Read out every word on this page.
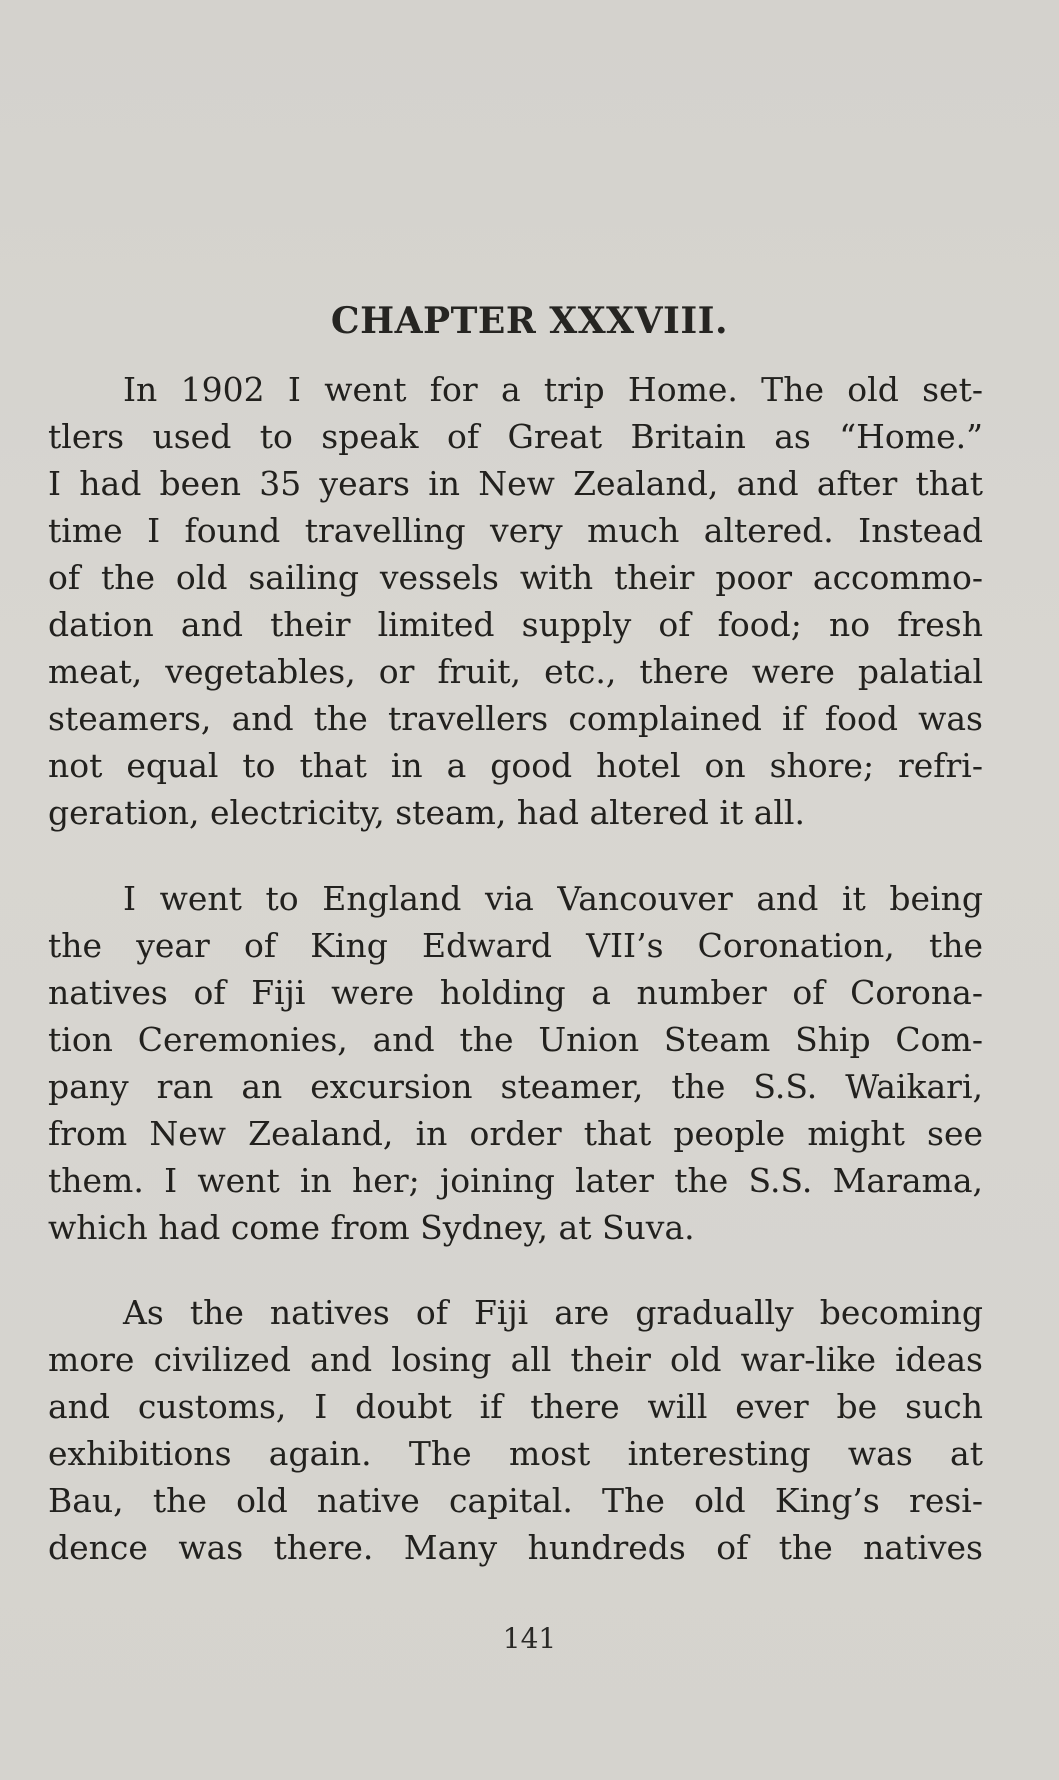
CHAPTER XXXVIII.
In 1902 I went for a trip Home. The old set-
tlers used to speak of Great Britain as “Home.”
I had been 35 years in New Zealand, and after that
time I found travelling very much altered. Instead
of the old sailing vessels with their poor accommo-
dation and their limited supply of food; no fresh
meat, vegetables, or fruit, etc., there were palatial
steamers, and the travellers complained if food was
not equal to that in a good hotel on shore; refri-
geration, electricity, steam, had altered it all.
I went to England via Vancouver and it being
the year of King Edward VII’s Coronation, the
natives of Fiji were holding a number of Corona-
tion Ceremonies, and the Union Steam Ship Com-
pany ran an excursion steamer, the S.S. Waikari,
from New Zealand, in order that people might see
them. I went in her; joining later the S.S. Marama,
which had come from Sydney, at Suva.
As the natives of Fiji are gradually becoming
more civilized and losing all their old war-like ideas
and customs, I doubt if there will ever be such
exhibitions again. The most interesting was at
Bau, the old native capital. The old King’s resi-
dence was there. Many hundreds of the natives

141
